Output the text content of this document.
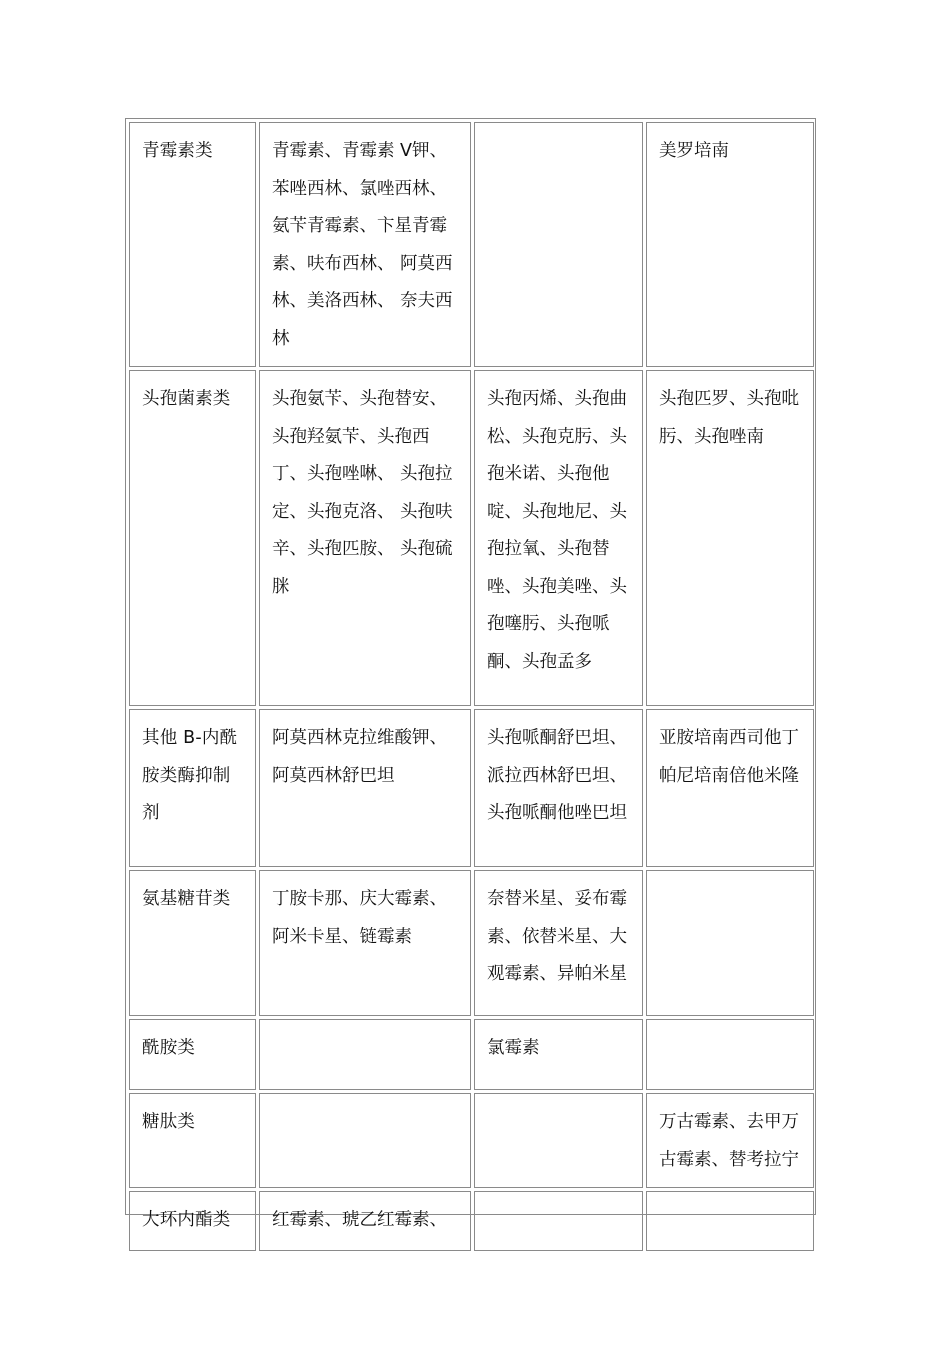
青霉素类	青霉素、青霉素 Ⅴ钾、苯唑西林、氯唑西林、氨苄青霉素、卞星青霉素、呋布西林、 阿莫西林、美洛西林、 奈夫西林		美罗培南
头孢菌素类	头孢氨苄、头孢替安、头孢羟氨苄、头孢西丁、头孢唑啉、 头孢拉定、头孢克洛、 头孢呋辛、头孢匹胺、 头孢硫脒	头孢丙烯、头孢曲松、头孢克肟、头孢米诺、头孢他啶、头孢地尼、头孢拉氧、头孢替唑、头孢美唑、头孢噻肟、头孢哌酮、头孢孟多	头孢匹罗、头孢吡肟、头孢唑南
其他 B-内酰胺类酶抑制剂	阿莫西林克拉维酸钾、阿莫西林舒巴坦	头孢哌酮舒巴坦、派拉西林舒巴坦、头孢哌酮他唑巴坦	亚胺培南西司他丁
帕尼培南倍他米隆
氨基糖苷类	丁胺卡那、庆大霉素、阿米卡星、链霉素	奈替米星、妥布霉素、依替米星、大观霉素、异帕米星	
酰胺类		氯霉素	
糖肽类			万古霉素、去甲万古霉素、替考拉宁
大环内酯类	红霉素、琥乙红霉素、		
